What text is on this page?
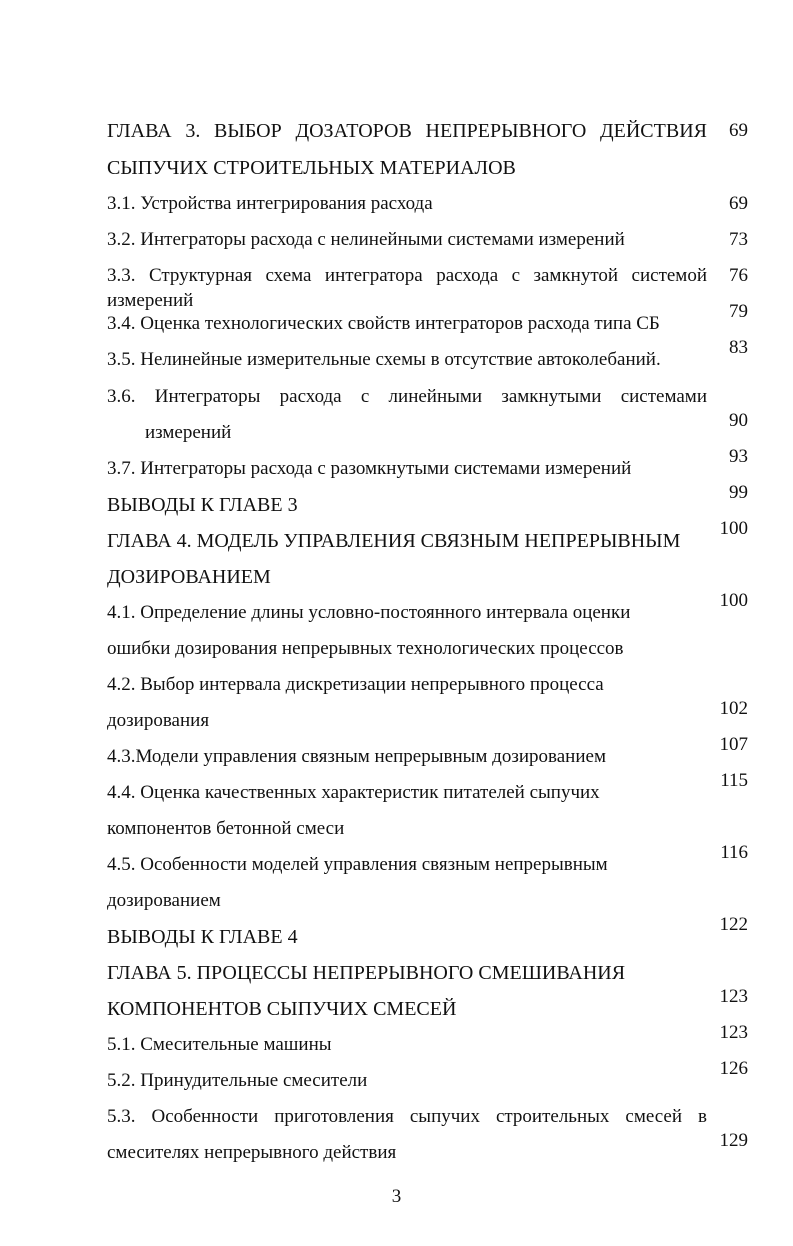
ГЛАВА 3. ВЫБОР ДОЗАТОРОВ НЕПРЕРЫВНОГО ДЕЙСТВИЯ
СЫПУЧИХ СТРОИТЕЛЬНЫХ МАТЕРИАЛОВ
3.1. Устройства интегрирования расхода
3.2. Интеграторы расхода с нелинейными системами измерений
3.3. Структурная схема интегратора расхода с замкнутой системой
измерений
3.4. Оценка технологических свойств интеграторов расхода типа СБ
3.5. Нелинейные измерительные схемы в отсутствие автоколебаний.
3.6. Интеграторы расхода с линейными замкнутыми системами
измерений
3.7. Интеграторы расхода с разомкнутыми системами измерений
ВЫВОДЫ К ГЛАВЕ 3
ГЛАВА 4. МОДЕЛЬ УПРАВЛЕНИЯ СВЯЗНЫМ НЕПРЕРЫВНЫМ
ДОЗИРОВАНИЕМ
4.1. Определение длины условно-постоянного интервала оценки
ошибки дозирования непрерывных технологических процессов
4.2. Выбор интервала дискретизации непрерывного процесса
дозирования
4.3.Модели управления связным непрерывным дозированием
4.4. Оценка качественных характеристик питателей сыпучих
компонентов бетонной смеси
4.5. Особенности моделей управления связным непрерывным
дозированием
ВЫВОДЫ К ГЛАВЕ 4
ГЛАВА 5. ПРОЦЕССЫ НЕПРЕРЫВНОГО СМЕШИВАНИЯ
КОМПОНЕНТОВ СЫПУЧИХ СМЕСЕЙ
5.1. Смесительные машины
5.2. Принудительные смесители
5.3. Особенности приготовления сыпучих строительных смесей в
смесителях непрерывного действия
69
69
73
76
79
83
90
93
99
100
100
102
107
115
116
122
123
123
126
129
3
